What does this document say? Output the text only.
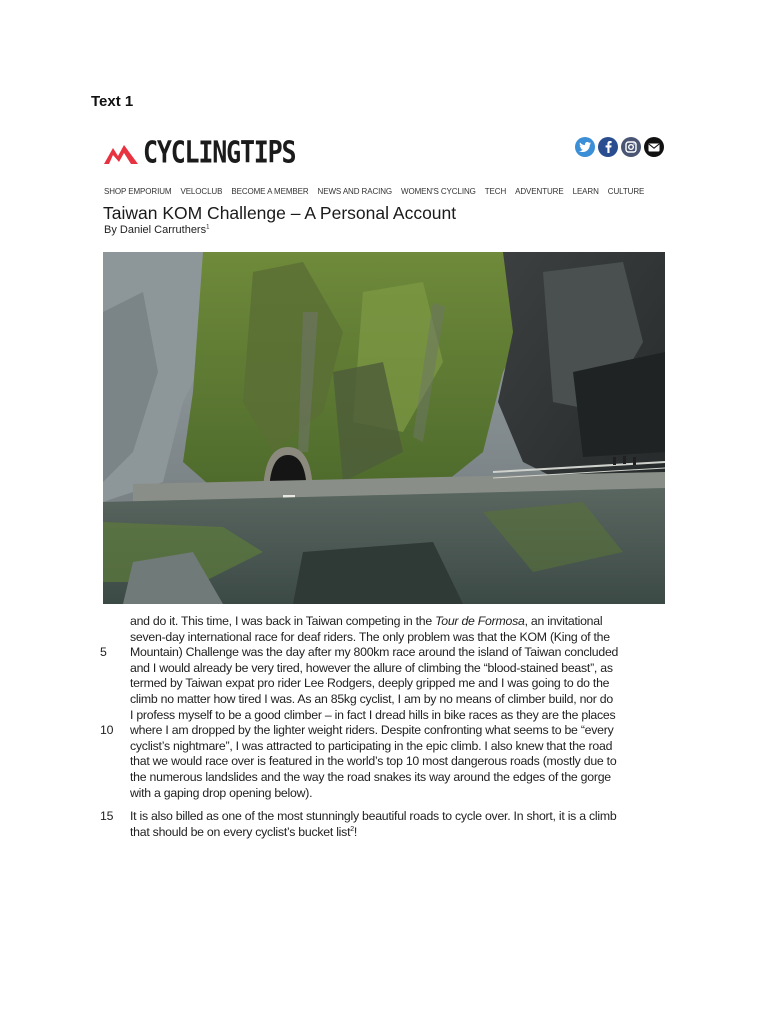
Text 1
CYCLINGTIPS
SHOP EMPORIUM VELOCLUB BECOME A MEMBER NEWS AND RACING WOMEN'S CYCLING TECH ADVENTURE LEARN CULTURE
Taiwan KOM Challenge – A Personal Account
By Daniel Carruthers$^1$
and do it. This time, I was back in Taiwan competing in the Tour de Formosa, an invitational
seven-day international race for deaf riders. The only problem was that the KOM (King of the
5	Mountain) Challenge was the day after my 800km race around the island of Taiwan concluded
and I would already be very tired, however the allure of climbing the “blood-stained beast”, as
termed by Taiwan expat pro rider Lee Rodgers, deeply gripped me and I was going to do the
climb no matter how tired I was. As an 85kg cyclist, I am by no means of climber build, nor do
I profess myself to be a good climber – in fact I dread hills in bike races as they are the places
10	where I am dropped by the lighter weight riders. Despite confronting what seems to be “every
cyclist’s nightmare”, I was attracted to participating in the epic climb. I also knew that the road
that we would race over is featured in the world’s top 10 most dangerous roads (mostly due to
the numerous landslides and the way the road snakes its way around the edges of the gorge
with a gaping drop opening below).
15	It is also billed as one of the most stunningly beautiful roads to cycle over. In short, it is a climb
that should be on every cyclist’s bucket list$^2$!
